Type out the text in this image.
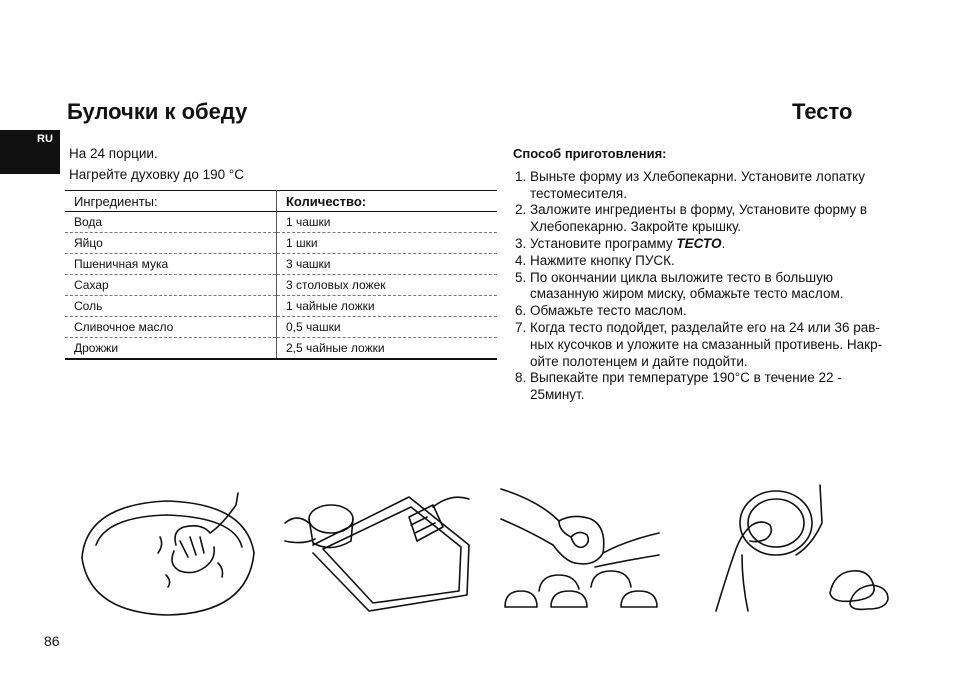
Булочки к обеду	Тесто
RU
На 24 порции.
Нагрейте духовку до 190 °С
Ингредиенты:	Количество:
Вода	1 чашки
Яйцо	1 шки
Пшеничная мука	3 чашки
Сахар	3 столовых ложек
Соль	1 чайные ложки
Сливочное масло	0,5 чашки
Дрожжи	2,5 чайные ложки
Способ приготовления:
1. Выньте форму из Хлебопекарни. Установите лопатку тестомесителя.
2. Заложите ингредиенты в форму, Установите форму в Хлебопекарню. Закройте крышку.
3. Установите программу ТЕСТО.
4. Нажмите кнопку ПУСК.
5. По окончании цикла выложите тесто в большую смазанную жиром миску, обмажьте тесто маслом.
6. Обмажьте тесто маслом.
7. Когда тесто подойдет, разделайте его на 24 или 36 рав-ных кусочков и уложите на смазанный противень. Накр-ойте полотенцем и дайте подойти.
8. Выпекайте при температуре 190°С в течение 22 - 25минут.
86
